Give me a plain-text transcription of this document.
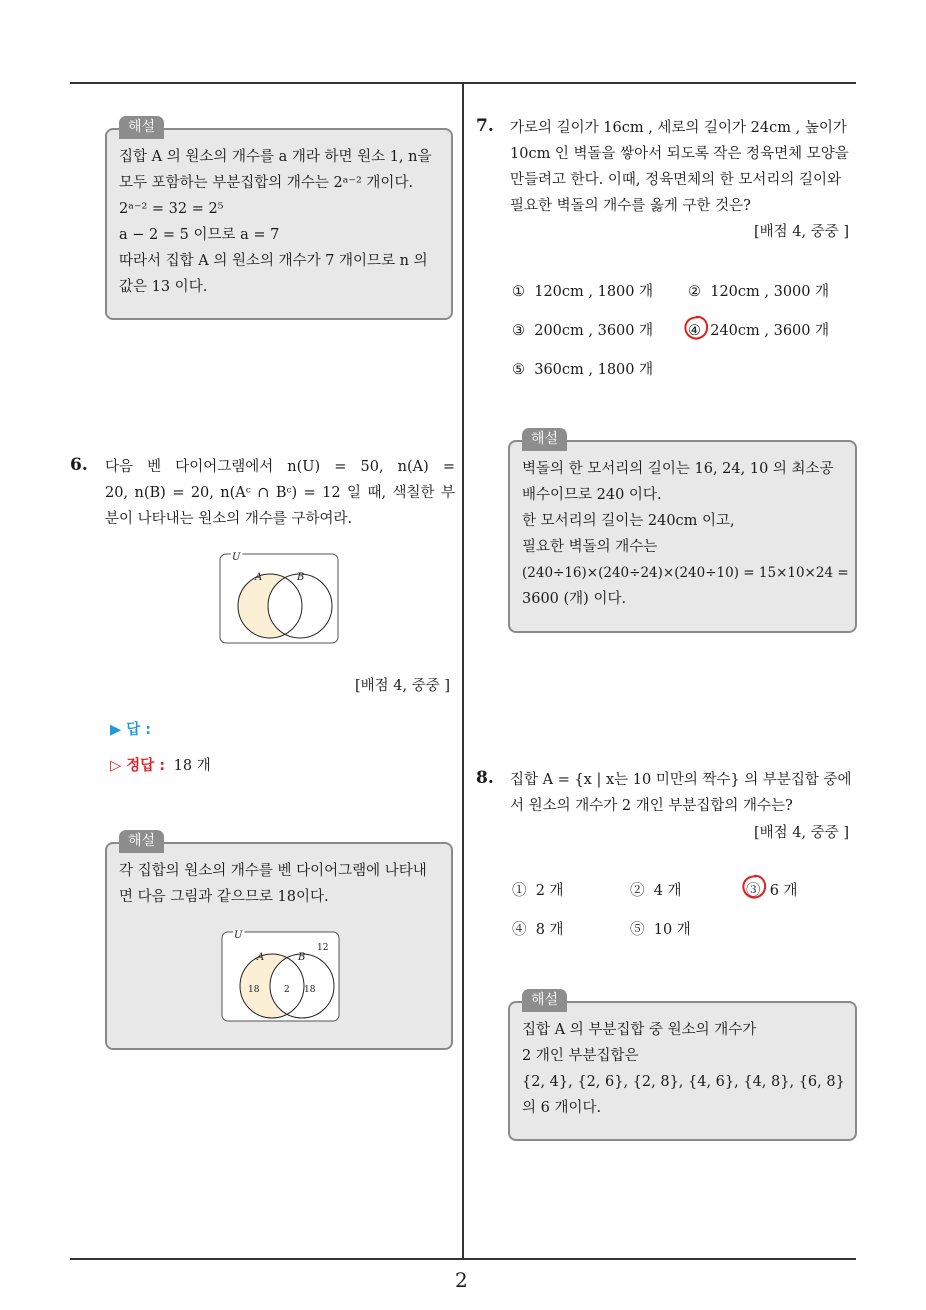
해설
집합 A 의 원소의 개수를 a 개라 하면 원소 1, n을
모두 포함하는 부분집합의 개수는 2ᵃ⁻² 개이다.
2ᵃ⁻² = 32 = 2⁵
a − 2 = 5 이므로 a = 7
따라서 집합 A 의 원소의 개수가 7 개이므로 n 의
값은 13 이다.
6. 다음 벤 다이어그램에서 n(U) = 50, n(A) =
20, n(B) = 20, n(Aᶜ ∩ Bᶜ) = 12 일 때, 색칠한 부
분이 나타내는 원소의 개수를 구하여라.
U
A	B
[배점 4, 중중 ]
▶ 답 :
▷ 정답 : 18 개
해설
각 집합의 원소의 개수를 벤 다이어그램에 나타내
면 다음 그림과 같으므로 18이다.
U
12
A	B
18	2 18
7. 가로의 길이가 16cm , 세로의 길이가 24cm , 높이가
10cm 인 벽돌을 쌓아서 되도록 작은 정육면체 모양을
만들려고 한다. 이때, 정육면체의 한 모서리의 길이와
필요한 벽돌의 개수를 옳게 구한 것은?
[배점 4, 중중 ]
① 120cm , 1800 개 ② 120cm , 3000 개
③ 200cm , 3600 개 ④ 240cm , 3600 개
⑤ 360cm , 1800 개
해설
벽돌의 한 모서리의 길이는 16, 24, 10 의 최소공
배수이므로 240 이다.
한 모서리의 길이는 240cm 이고,
필요한 벽돌의 개수는
(240÷16)×(240÷24)×(240÷10) = 15×10×24 =
3600 (개) 이다.
8. 집합 A = {x | x는 10 미만의 짝수} 의 부분집합 중에
서 원소의 개수가 2 개인 부분집합의 개수는?
[배점 4, 중중 ]
① 2 개	② 4 개	③ 6 개
④ 8 개	⑤ 10 개
해설
집합 A 의 부분집합 중 원소의 개수가
2 개인 부분집합은
{2, 4}, {2, 6}, {2, 8}, {4, 6}, {4, 8}, {6, 8}
의 6 개이다.
2
